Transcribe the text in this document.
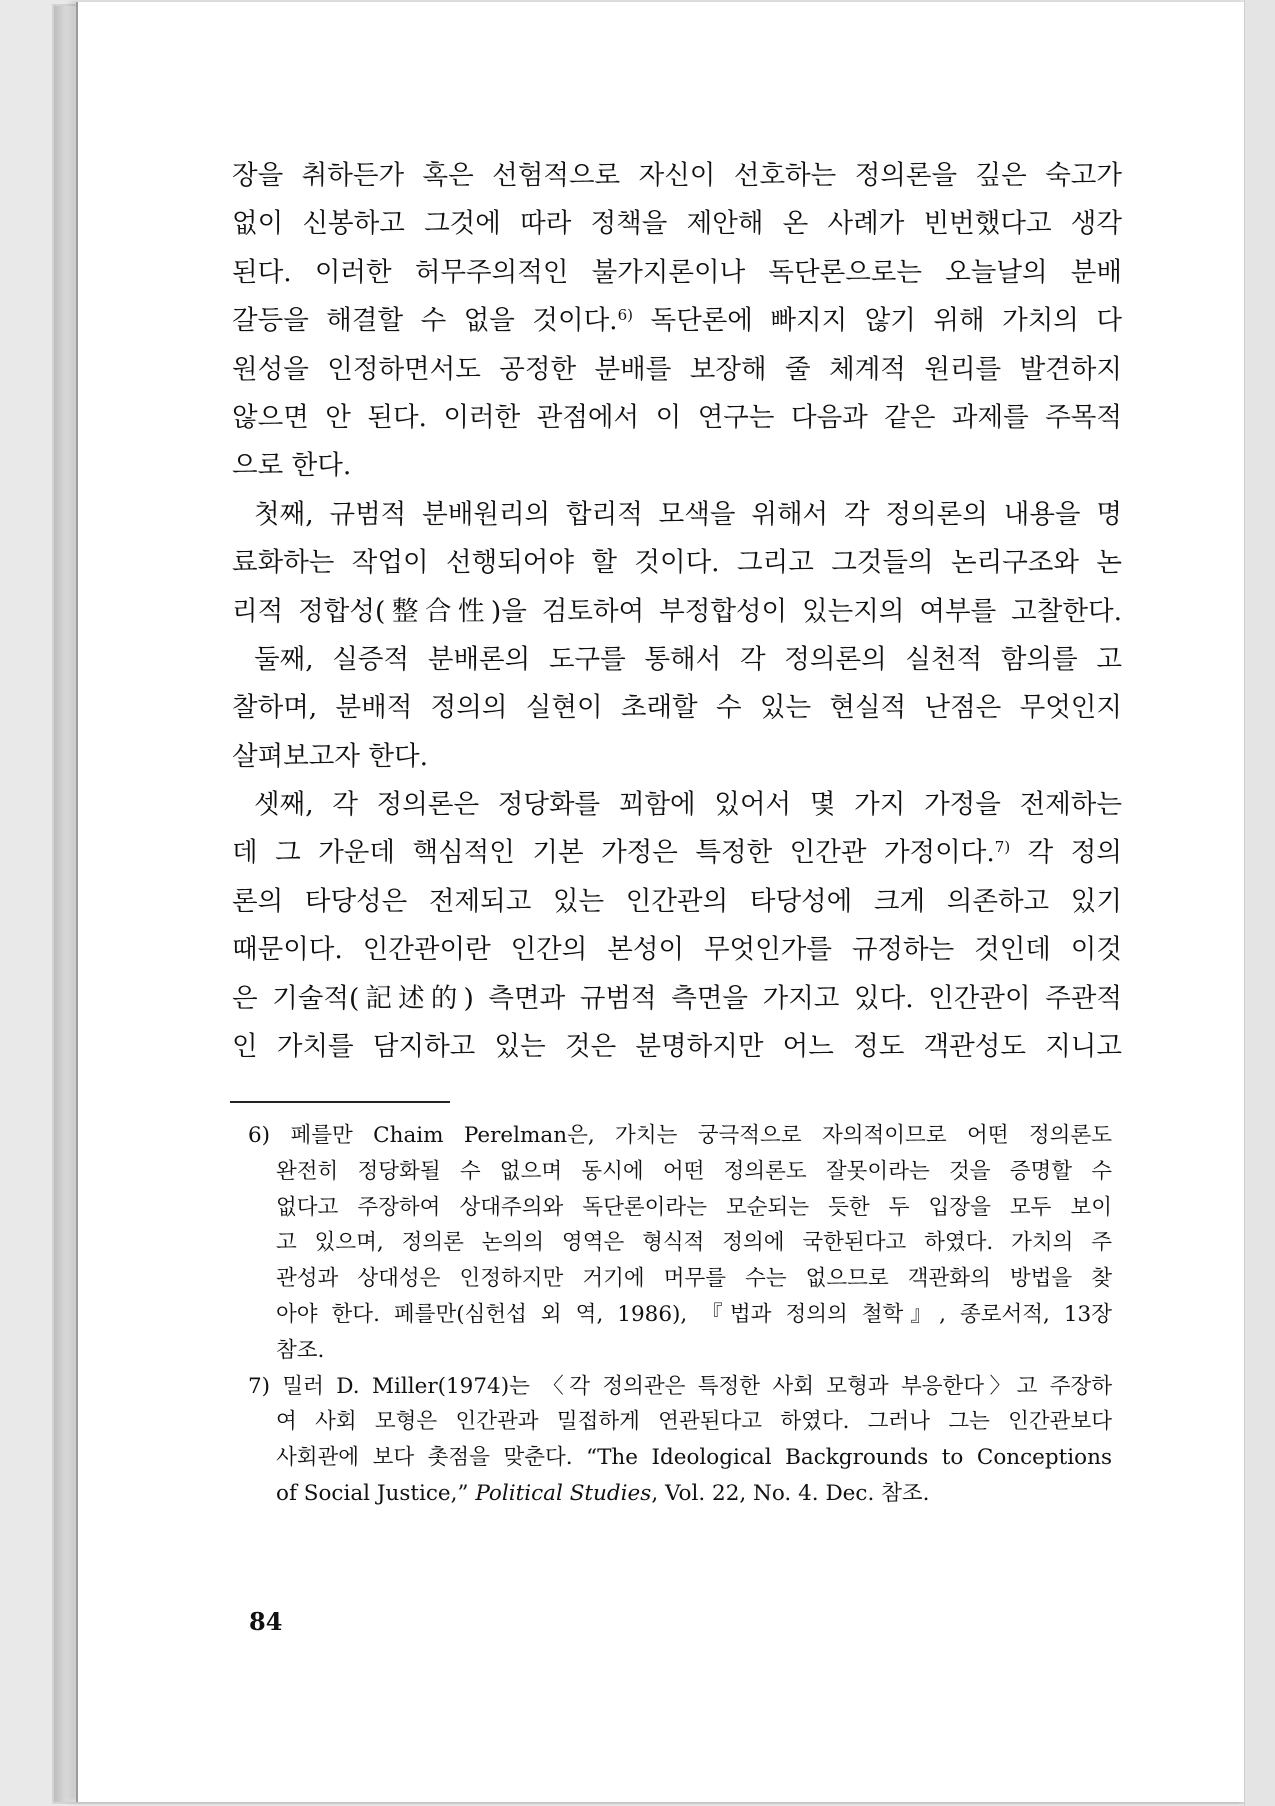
장을 취하든가 혹은 선험적으로 자신이 선호하는 정의론을 깊은 숙고가
없이 신봉하고 그것에 따라 정책을 제안해 온 사례가 빈번했다고 생각
된다. 이러한 허무주의적인 불가지론이나 독단론으로는 오늘날의 분배
갈등을 해결할 수 없을 것이다.$^{6)}$ 독단론에 빠지지 않기 위해 가치의 다
원성을 인정하면서도 공정한 분배를 보장해 줄 체계적 원리를 발견하지
않으면 안 된다. 이러한 관점에서 이 연구는 다음과 같은 과제를 주목적
으로 한다.
첫째, 규범적 분배원리의 합리적 모색을 위해서 각 정의론의 내용을 명
료화하는 작업이 선행되어야 할 것이다. 그리고 그것들의 논리구조와 논
리적 정합성(整合性)을 검토하여 부정합성이 있는지의 여부를 고찰한다.
둘째, 실증적 분배론의 도구를 통해서 각 정의론의 실천적 함의를 고
찰하며, 분배적 정의의 실현이 초래할 수 있는 현실적 난점은 무엇인지
살펴보고자 한다.
셋째, 각 정의론은 정당화를 꾀함에 있어서 몇 가지 가정을 전제하는
데 그 가운데 핵심적인 기본 가정은 특정한 인간관 가정이다.$^{7)}$ 각 정의
론의 타당성은 전제되고 있는 인간관의 타당성에 크게 의존하고 있기
때문이다. 인간관이란 인간의 본성이 무엇인가를 규정하는 것인데 이것
은 기술적(記述的) 측면과 규범적 측면을 가지고 있다. 인간관이 주관적
인 가치를 담지하고 있는 것은 분명하지만 어느 정도 객관성도 지니고
6) 페를만 Chaim Perelman은, 가치는 궁극적으로 자의적이므로 어떤 정의론도
완전히 정당화될 수 없으며 동시에 어떤 정의론도 잘못이라는 것을 증명할 수
없다고 주장하여 상대주의와 독단론이라는 모순되는 듯한 두 입장을 모두 보이
고 있으며, 정의론 논의의 영역은 형식적 정의에 국한된다고 하였다. 가치의 주
관성과 상대성은 인정하지만 거기에 머무를 수는 없으므로 객관화의 방법을 찾
아야 한다. 페를만(심헌섭 외 역, 1986), 『법과 정의의 철학』, 종로서적, 13장
참조.
7) 밀러 D. Miller(1974)는 〈각 정의관은 특정한 사회 모형과 부응한다〉고 주장하
여 사회 모형은 인간관과 밀접하게 연관된다고 하였다. 그러나 그는 인간관보다
사회관에 보다 촛점을 맞춘다. “The Ideological Backgrounds to Conceptions
of Social Justice,” Political Studies, Vol. 22, No. 4. Dec. 참조.
84
